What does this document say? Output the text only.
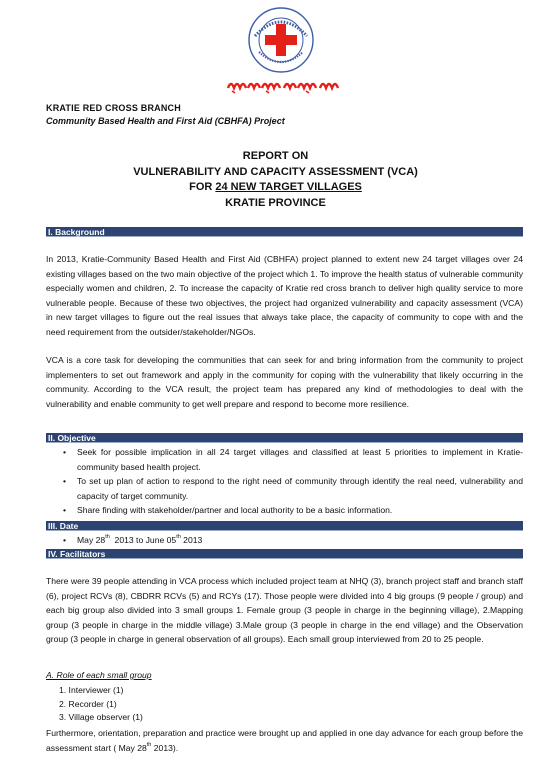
KRATIE RED CROSS BRANCH
Community Based Health and First Aid (CBHFA) Project
REPORT ON
VULNERABILITY AND CAPACITY ASSESSMENT (VCA)
FOR 24 NEW TARGET VILLAGES
KRATIE PROVINCE
I. Background

In 2013, Kratie-Community Based Health and First Aid (CBHFA) project planned to extent new 24 target villages over 24 existing villages based on the two main objective of the project which 1. To improve the health status of vulnerable community especially women and children, 2. To increase the capacity of Kratie red cross branch to deliver high quality service to more vulnerable people. Because of these two objectives, the project had organized vulnerability and capacity assessment (VCA) in new target villages to figure out the real issues that always take place, the capacity of community to cope with and the need requirement from the outsider/stakeholder/NGOs.

VCA is a core task for developing the communities that can seek for and bring information from the community to project implementers to set out framework and apply in the community for coping with the vulnerability that likely occurring in the community. According to the VCA result, the project team has prepared any kind of methodologies to deal with the vulnerability and enable community to get well prepare and respond to become more resilience.

II. Objective
• Seek for possible implication in all 24 target villages and classified at least 5 priorities to implement in Kratie-community based health project.
• To set up plan of action to respond to the right need of community through identify the real need, vulnerability and capacity of target community.
• Share finding with stakeholder/partner and local authority to be a basic information.
III. Date
• May 28th  2013 to June 05th 2013
IV. Facilitators

There were 39 people attending in VCA process which included project team at NHQ (3), branch project staff and branch staff (6), project RCVs (8), CBDRR RCVs (5) and RCYs (17). Those people were divided into 4 big groups (9 people / group) and each big group also divided into 3 small groups 1. Female group (3 people in charge in the beginning village), 2.Mapping group (3 people in charge in the middle village) 3.Male group (3 people in charge in the end village) and the Observation group (3 people in charge in general observation of all groups). Each small group interviewed from 20 to 25 people.

A. Role of each small group
1. Interviewer (1)
2. Recorder (1)
3. Village observer (1)

Furthermore, orientation, preparation and practice were brought up and applied in one day advance for each group before the assessment start ( May 28th 2013).
